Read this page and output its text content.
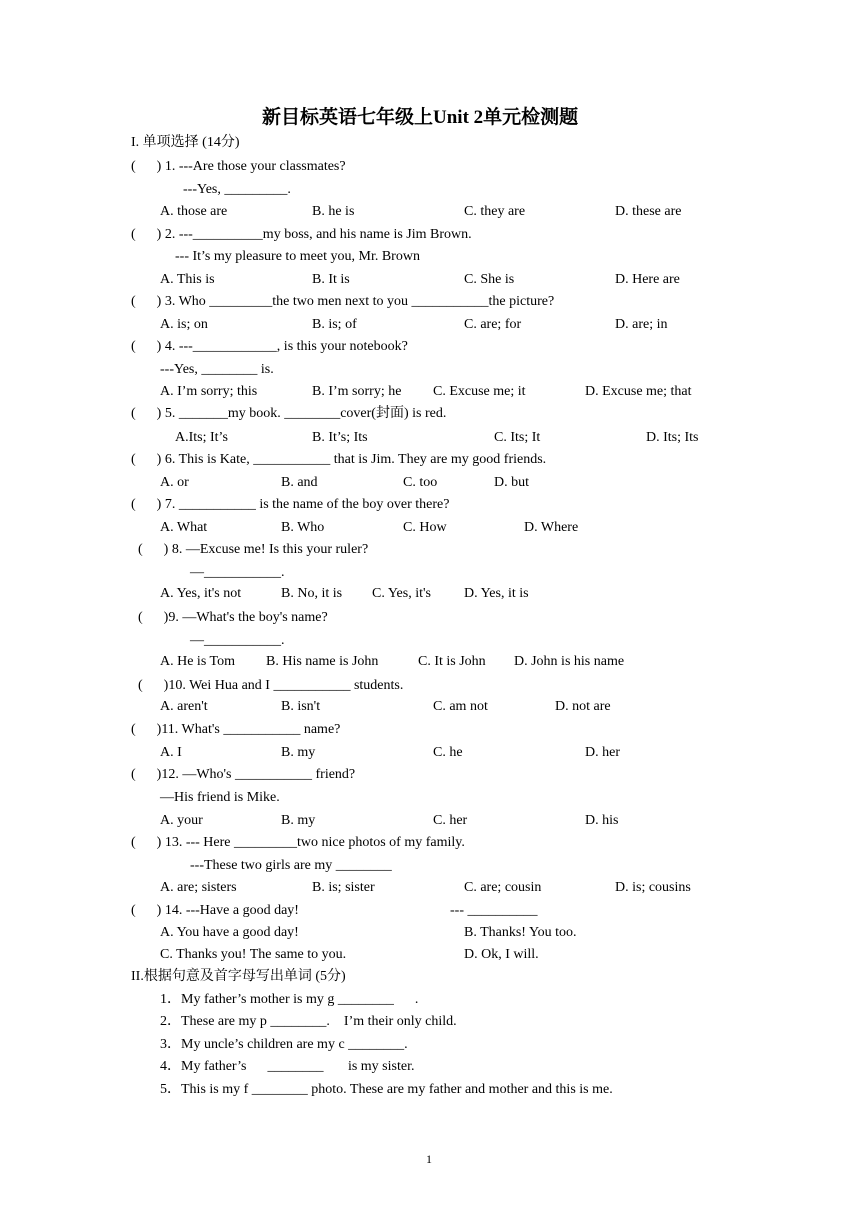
新目标英语七年级上Unit 2单元检测题
I. 单项选择 (14分)
(      ) 1. ---Are those your classmates?
---Yes, _________.
A. those are	B. he is	C. they are	D. these are
(      ) 2. ---__________my boss, and his name is Jim Brown.
--- It’s my pleasure to meet you, Mr. Brown
A. This is	B. It is	C. She is	D. Here are
(      ) 3. Who _________the two men next to you ___________the picture?
A. is; on	B. is; of	C. are; for	D. are; in
(      ) 4. ---____________, is this your notebook?
---Yes, ________ is.
A. I’m sorry; this	B. I’m sorry; he C. Excuse me; it	D. Excuse me; that
(      ) 5. _______my book. ________cover(封面) is red.
A.Its; It’s	B. It’s; Its	C. Its; It	D. Its; Its
(      ) 6. This is Kate, ___________ that is Jim. They are my good friends.
A. or	B. and	C. too	D. but
(      ) 7. ___________ is the name of the boy over there?
A. What	B. Who	C. How	D. Where
(      ) 8. —Excuse me! Is this your ruler?
—___________.
A. Yes, it's not	B. No, it is C. Yes, it's D. Yes, it is
(      )9. —What's the boy's name?
—___________.
A. He is Tom B. His name is John	C. It is John D. John is his name
(      )10. Wei Hua and I ___________ students.
A. aren't	B. isn't	C. am not	D. not are
(      )11. What's ___________ name?
A. I	B. my	C. he	D. her
(      )12. —Who's ___________ friend?
—His friend is Mike.
A. your	B. my	C. her	D. his
(      ) 13. --- Here _________two nice photos of my family.
---These two girls are my ________
A. are; sisters	B. is; sister	C. are; cousin	D. is; cousins
(      ) 14. ---Have a good day!	--- __________
A. You have a good day!	B. Thanks! You too.
C. Thanks you! The same to you.	D. Ok, I will.
II.根据句意及首字母写出单词 (5分)
1．My father’s mother is my g ________      .
2．These are my p ________.    I’m their only child.
3．My uncle’s children are my c ________.
4．My father’s      ________       is my sister.
5．This is my f ________ photo. These are my father and mother and this is me.
1
